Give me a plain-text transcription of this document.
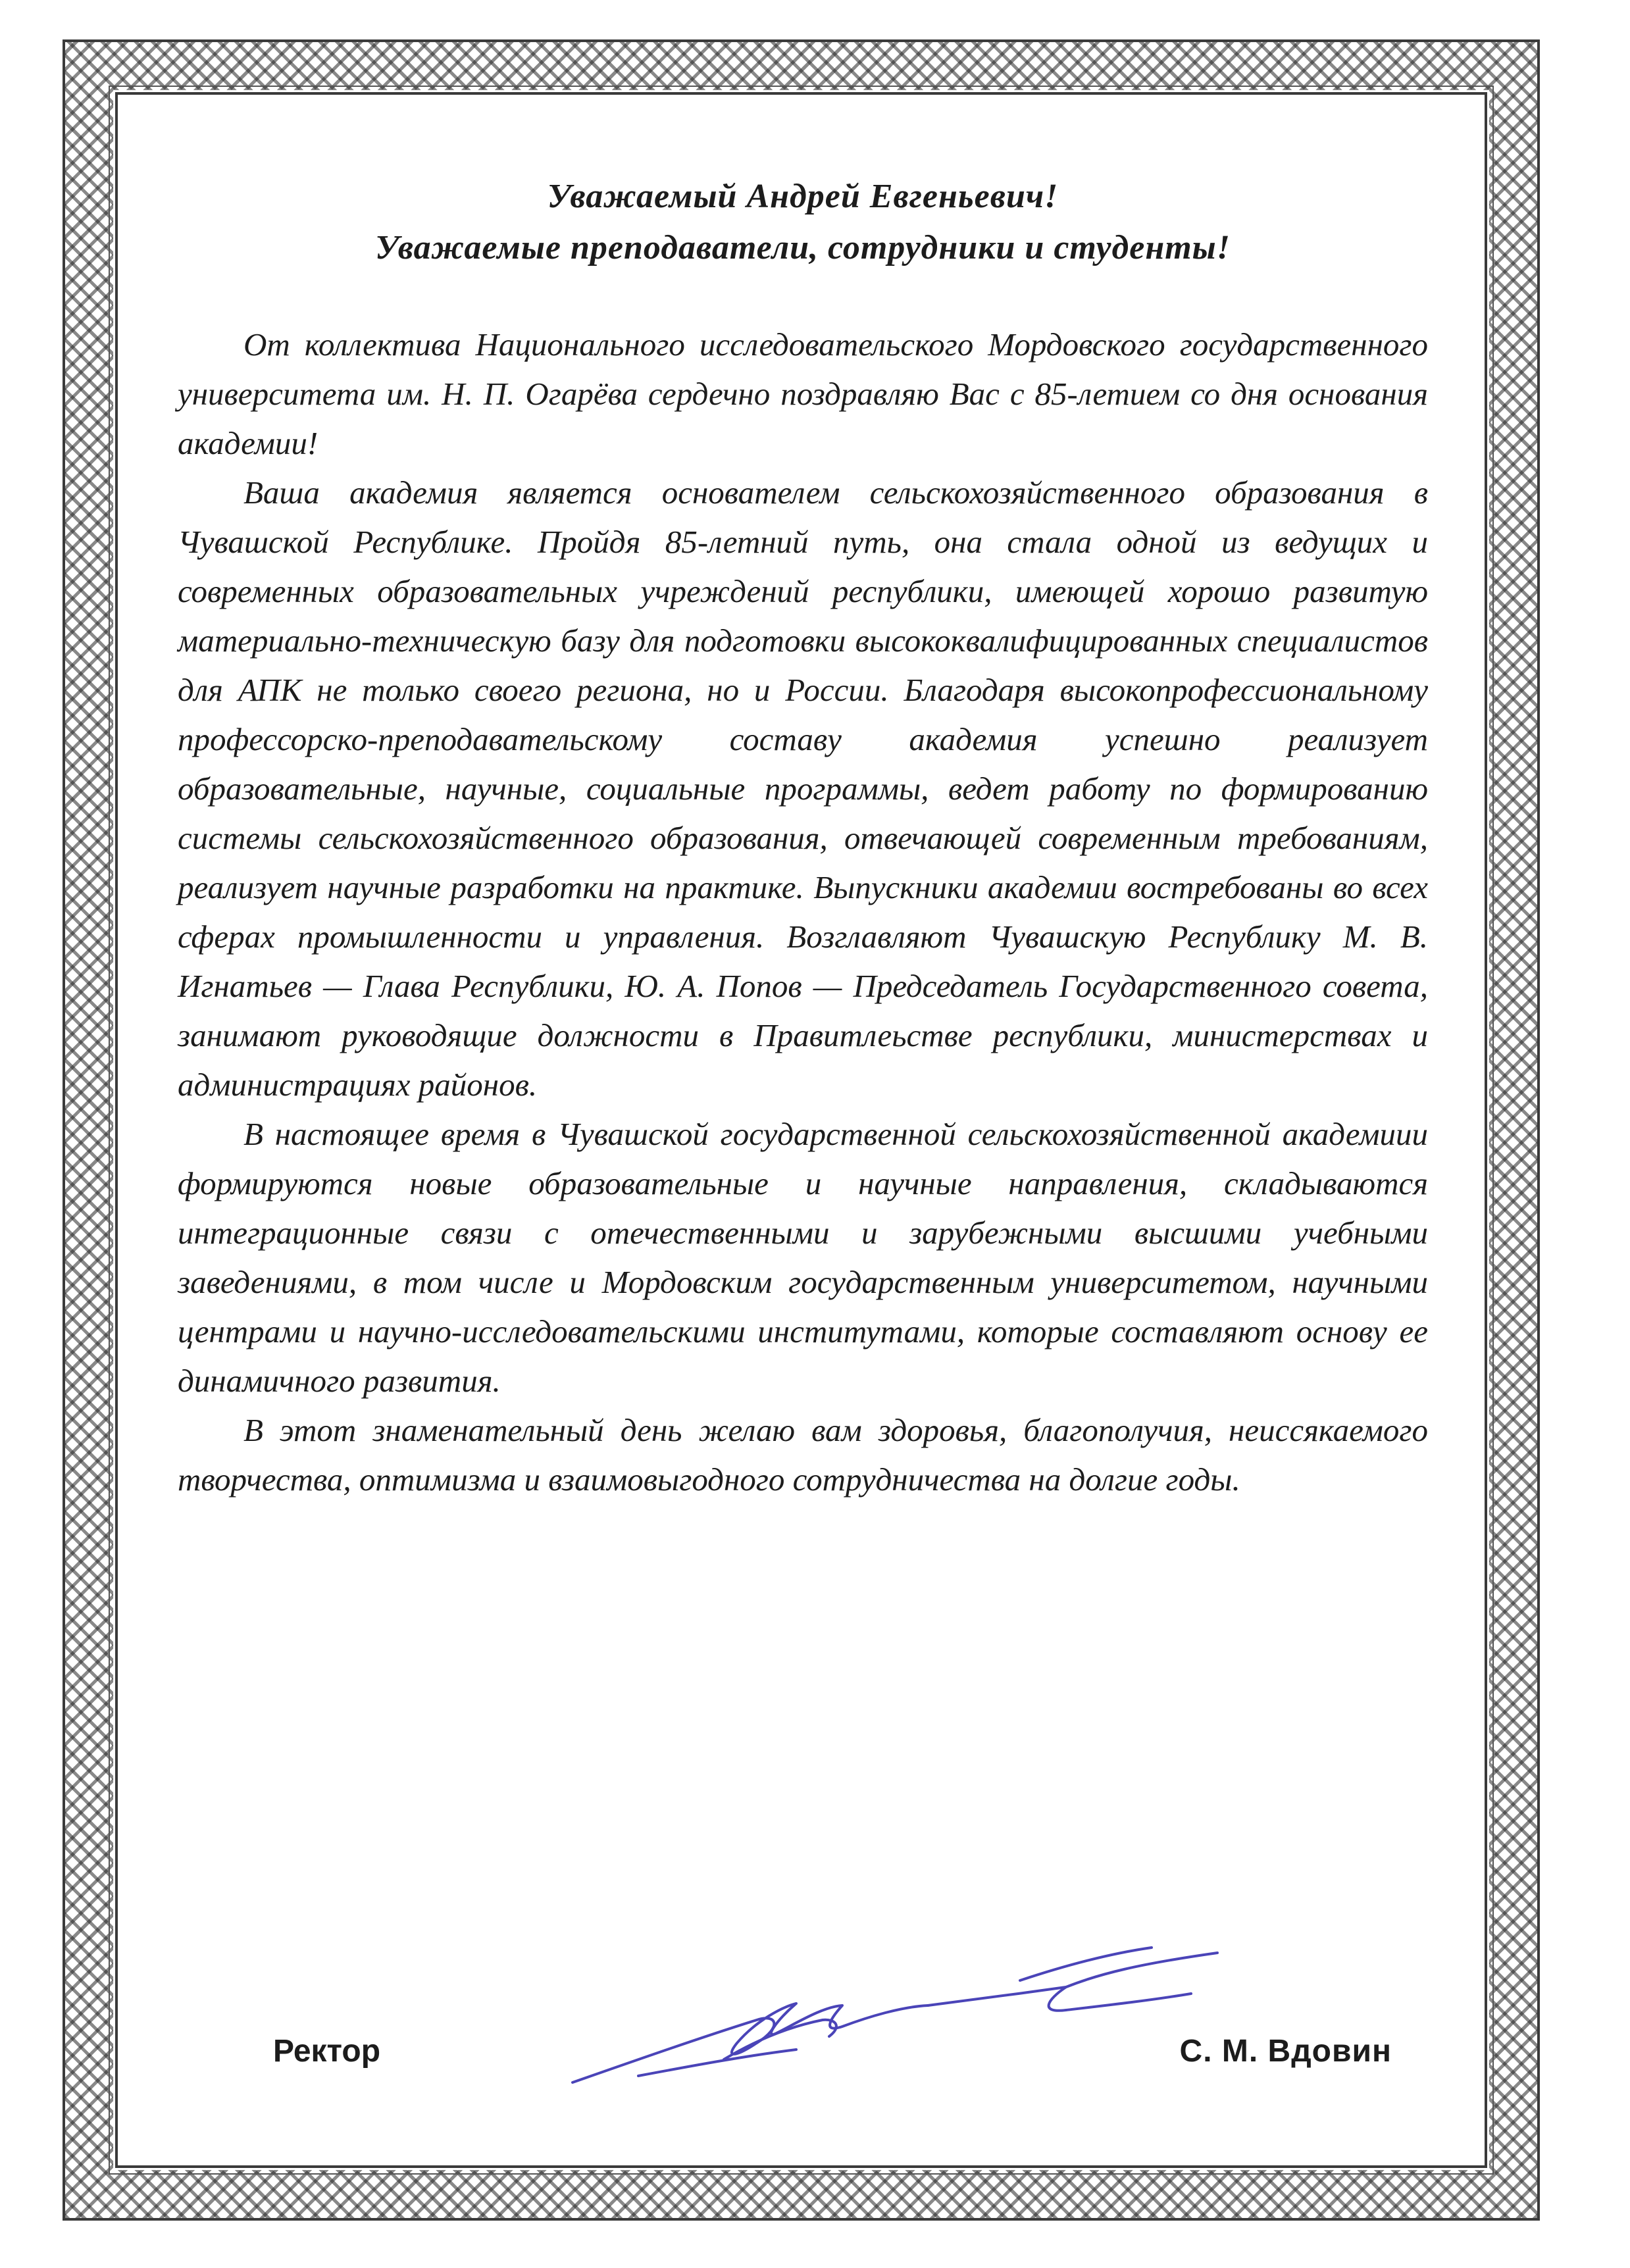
Уважаемый Андрей Евгеньевич!

Уважаемые преподаватели, сотрудники и студенты!

От коллектива Национального исследовательского Мордовского государственного университета им. Н. П. Огарёва сердечно поздравляю Вас с 85-летием со дня основания академии!

Ваша академия является основателем сельскохозяйственного образования в Чувашской Республике. Пройдя 85-летний путь, она стала одной из ведущих и современных образовательных учреждений республики, имеющей хорошо развитую материально-техническую базу для подготовки высококвалифицированных специалистов для АПК не только своего региона, но и России. Благодаря высокопрофессиональному профессорско-преподавательскому составу академия успешно реализует образовательные, научные, социальные программы, ведет работу по формированию системы сельскохозяйственного образования, отвечающей современным требованиям, реализует научные разработки на практике. Выпускники академии востребованы во всех сферах промышленности и управления. Возглавляют Чувашскую Республику М. В. Игнатьев — Глава Республики, Ю. А. Попов — Председатель Государственного совета, занимают руководящие должности в Правитлеьстве республики, министерствах и администрациях районов.

В настоящее время в Чувашской государственной сельскохозяйственной академиии формируются новые образовательные и научные направления, складываются интеграционные связи с отечественными и зарубежными высшими учебными заведениями, в том числе и Мордовским государственным университетом, научными центрами и научно-исследовательскими институтами, которые составляют основу ее динамичного развития.

В этот знаменательный день желаю вам здоровья, благополучия, неиссякаемого творчества, оптимизма и взаимовыгодного сотрудничества на долгие годы.

Ректор	С. М. Вдовин
